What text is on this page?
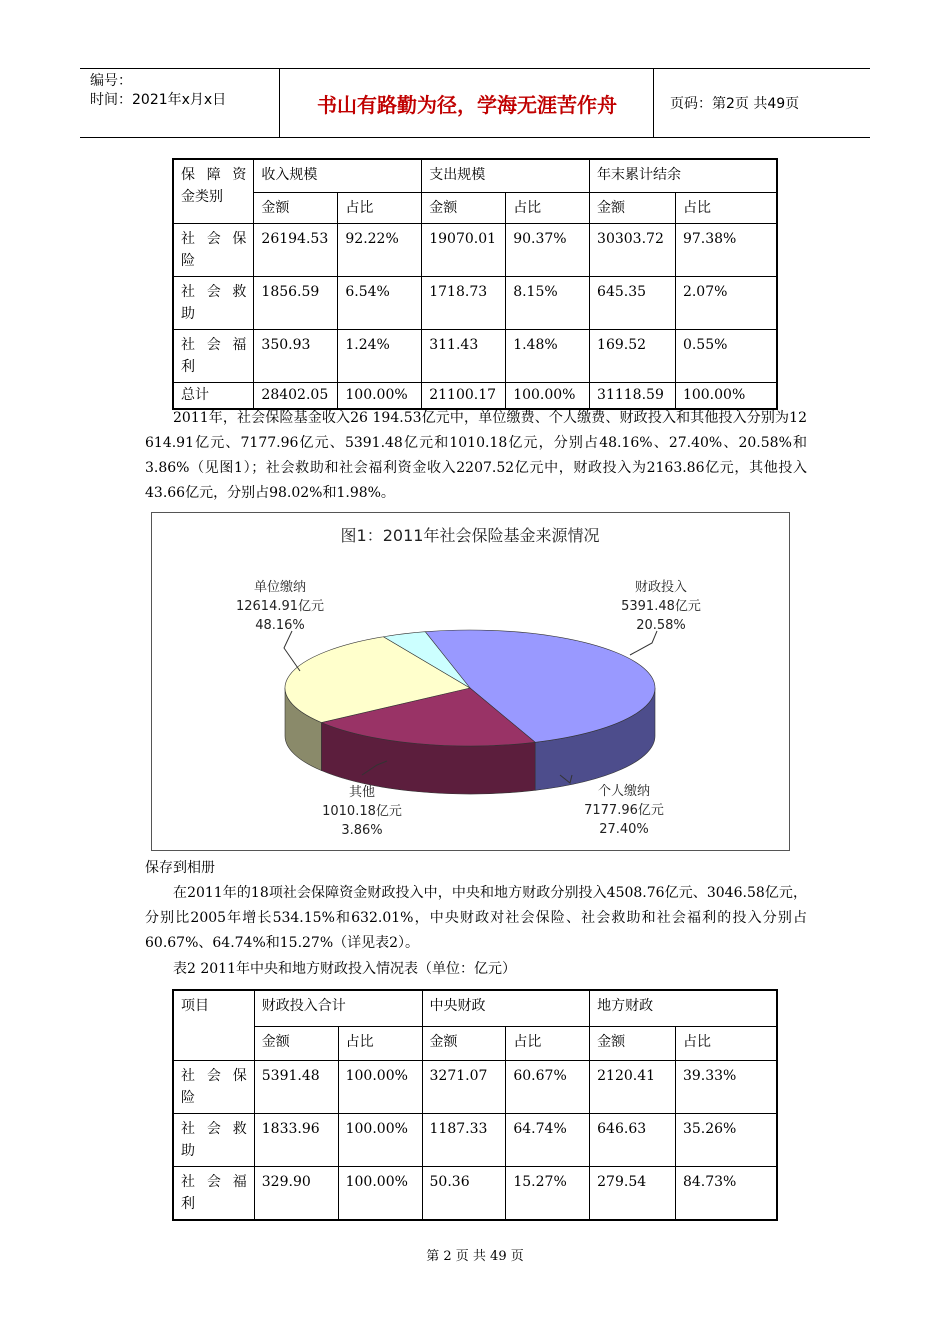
编号：
时间：2021年x月x日	书山有路勤为径，学海无涯苦作舟	页码：第2页 共49页
保 障 资 金类别	收入规模		支出规模		年末累计结余	
	金额	占比	金额	占比	金额	占比
社 会 保 险	26194.53	92.22%	19070.01	90.37%	30303.72	97.38%
社 会 救 助	1856.59	6.54%	1718.73	8.15%	645.35	2.07%
社 会 福 利	350.93	1.24%	311.43	1.48%	169.52	0.55%
总计	28402.05	100.00%	21100.17	100.00%	31118.59	100.00%
2011年，社会保险基金收入26 194.53亿元中，单位缴费、个人缴费、财政投入和其他投入分别为12 614.91亿元、7177.96亿元、5391.48亿元和1010.18亿元，分别占48.16%、27.40%、20.58%和3.86%（见图1）；社会救助和社会福利资金收入2207.52亿元中，财政投入为2163.86亿元，其他投入43.66亿元，分别占98.02%和1.98%。
图1：2011年社会保险基金来源情况
单位缴纳
12614.91亿元
48.16%
财政投入
5391.48亿元
20.58%
个人缴纳
7177.96亿元
27.40%
其他
1010.18亿元
3.86%
保存到相册
在2011年的18项社会保障资金财政投入中，中央和地方财政分别投入4508.76亿元、3046.58亿元，分别比2005年增长534.15%和632.01%，中央财政对社会保险、社会救助和社会福利的投入分别占60.67%、64.74%和15.27%（详见表2）。
表2 2011年中央和地方财政投入情况表（单位：亿元）
项目	财政投入合计		中央财政		地方财政	
	金额	占比	金额	占比	金额	占比
社 会 保 险	5391.48	100.00%	3271.07	60.67%	2120.41	39.33%
社 会 救 助	1833.96	100.00%	1187.33	64.74%	646.63	35.26%
社 会 福 利	329.90	100.00%	50.36	15.27%	279.54	84.73%
第 2 页 共 49 页
